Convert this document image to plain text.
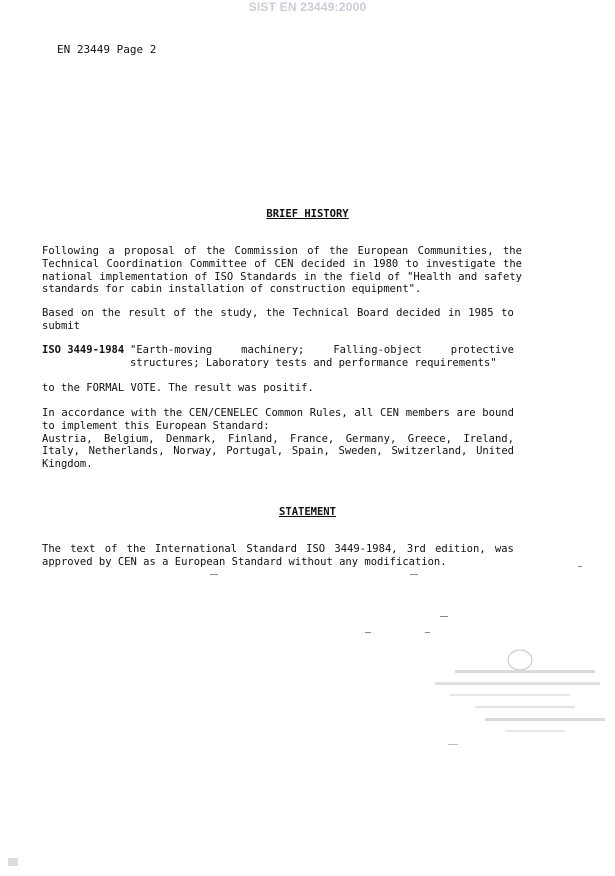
SIST EN 23449:2000
EN 23449 Page 2
BRIEF HISTORY
Following a proposal of the Commission of the European Communities, the
Technical Coordination Committee of CEN decided in 1980 to investigate the
national implementation of ISO Standards in the field of "Health and safety
standards for cabin installation of construction equipment".
Based on the result of the study, the Technical Board decided in 1985 to
submit
ISO 3449-1984 "Earth-moving	machinery;	Falling-object	protective
structures; Laboratory tests and performance requirements"
to the FORMAL VOTE. The result was positif.
In accordance with the CEN/CENELEC Common Rules, all CEN members are bound
to implement this European Standard:
Austria, Belgium, Denmark, Finland, France, Germany, Greece, Ireland,
Italy, Netherlands, Norway, Portugal, Spain, Sweden, Switzerland, United
Kingdom.
STATEMENT
The text of the International Standard ISO 3449-1984, 3rd edition, was
approved by CEN as a European Standard without any modification.
